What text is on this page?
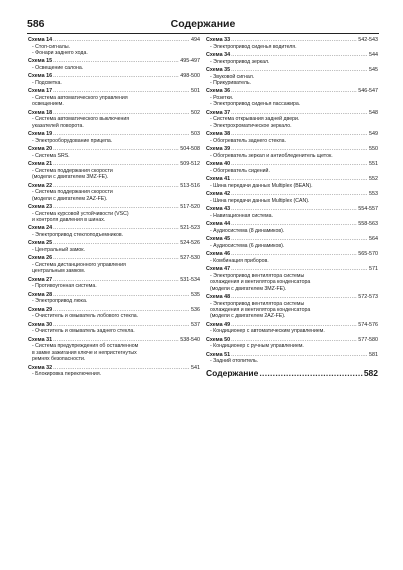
586	Содержание
Схема 14 .....	494
- Стоп-сигналы.
- Фонари заднего хода.
Схема 15 .....	495-497
- Освещение салона.
Схема 16 .....	498-500
- Подсветка.
Схема 17 .....	501
- Система автоматического управления
освещением.
Схема 18 .....	502
- Система автоматического выключения
указателей поворота.
Схема 19 .....	503
- Электрооборудование прицепа.
Схема 20 .....	504-508
- Система SRS.
Схема 21 .....	509-512
- Система поддержания скорости
(модели с двигателем 3MZ-FE).
Схема 22 .....	513-516
- Система поддержания скорости
(модели с двигателем 2AZ-FE).
Схема 23 .....	517-520
- Система курсовой устойчивости (VSC)
и контроля давления в шинах.
Схема 24 .....	521-523
- Электропривод стеклоподъемников.
Схема 25 .....	524-526
- Центральный замок.
Схема 26 .....	527-530
- Система дистанционного управления
центральным замком.
Схема 27 .....	531-534
- Противоугонная система.
Схема 28 .....	535
- Электропривод люка.
Схема 29 .....	536
- Очиститель и омыватель лобового стекла.
Схема 30 .....	537
- Очиститель и омыватель заднего стекла.
Схема 31 .....	538-540
- Система предупреждения об оставленном
в замке зажигания ключе и непристегнутых
ремнях безопасности.
Схема 32 .....	541
- Блокировка переключения.
Схема 33 .....	542-543
- Электропривод сиденья водителя.
Схема 34 .....	544
- Электропривод зеркал.
Схема 35 .....	545
- Звуковой сигнал.
- Прикуриватель.
Схема 36 .....	546-547
- Розетки.
- Электропривод сиденья пассажира.
Схема 37 .....	548
- Система открывания задней двери.
- Электрохроматическое зеркало.
Схема 38 .....	549
- Обогреватель заднего стекла.
Схема 39 .....	550
- Обогреватель зеркал и антиобледенитель щеток.
Схема 40 .....	551
- Обогреватель сидений.
Схема 41 .....	552
- Шина передачи данных Multiplex (BEAN).
Схема 42 .....	553
- Шина передачи данных Multiplex (CAN).
Схема 43 .....	554-557
- Навигационная система.
Схема 44 .....	558-563
- Аудиосистема (8 динамиков).
Схема 45 .....	564
- Аудиосистема (6 динамиков).
Схема 46 .....	565-570
- Комбинация приборов.
Схема 47 .....	571
- Электропривод вентилятора системы
охлаждения и вентилятора конденсатора
(модели с двигателем 3MZ-FE).
Схема 48 .....	572-573
- Электропривод вентилятора системы
охлаждения и вентилятора конденсатора
(модели с двигателем 2AZ-FE).
Схема 49 .....	574-576
- Кондиционер с автоматическим управлением.
Схема 50 .....	577-580
- Кондиционер с ручным управлением.
Схема 51 .....	581
- Задний отопитель.
Содержание .....	582
